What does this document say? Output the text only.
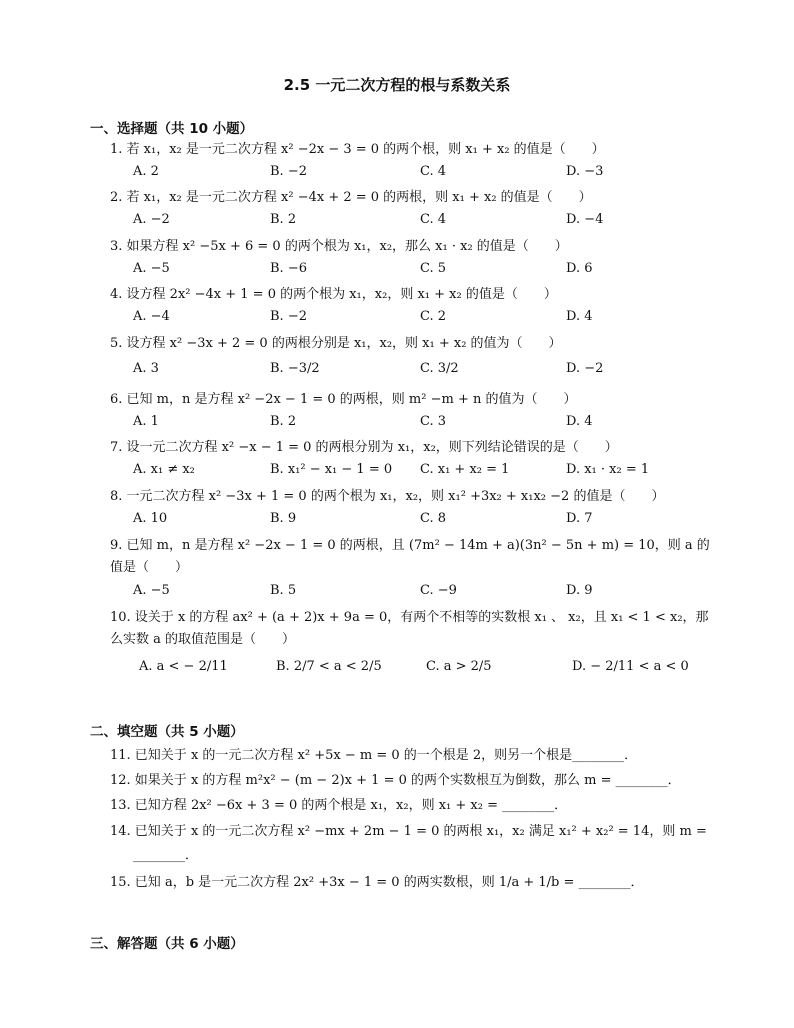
2.5 一元二次方程的根与系数关系
一、选择题（共 10 小题）
1. 若 x₁，x₂ 是一元二次方程 x² −2x − 3 = 0 的两个根，则 x₁ + x₂ 的值是（　　）
A. 2	B. −2	C. 4	D. −3
2. 若 x₁，x₂ 是一元二次方程 x² −4x + 2 = 0 的两根，则 x₁ + x₂ 的值是（　　）
A. −2	B. 2	C. 4	D. −4
3. 如果方程 x² −5x + 6 = 0 的两个根为 x₁，x₂，那么 x₁ · x₂ 的值是（　　）
A. −5	B. −6	C. 5	D. 6
4. 设方程 2x² −4x + 1 = 0 的两个根为 x₁，x₂，则 x₁ + x₂ 的值是（　　）
A. −4	B. −2	C. 2	D. 4
5. 设方程 x² −3x + 2 = 0 的两根分别是 x₁，x₂，则 x₁ + x₂ 的值为（　　）
A. 3	B. −3/2	C. 3/2	D. −2
6. 已知 m，n 是方程 x² −2x − 1 = 0 的两根，则 m² −m + n 的值为（　　）
A. 1	B. 2	C. 3	D. 4
7. 设一元二次方程 x² −x − 1 = 0 的两根分别为 x₁，x₂，则下列结论错误的是（　　）
A. x₁ ≠ x₂	B. x₁² − x₁ − 1 = 0 C. x₁ + x₂ = 1	D. x₁ · x₂ = 1
8. 一元二次方程 x² −3x + 1 = 0 的两个根为 x₁，x₂，则 x₁² +3x₂ + x₁x₂ −2 的值是（　　）
A. 10	B. 9	C. 8	D. 7
9. 已知 m，n 是方程 x² −2x − 1 = 0 的两根，且 (7m² − 14m + a)(3n² − 5n + m) = 10，则 a 的值是（　　）
A. −5	B. 5	C. −9	D. 9
10. 设关于 x 的方程 ax² + (a + 2)x + 9a = 0，有两个不相等的实数根 x₁ 、 x₂，且 x₁ < 1 < x₂，那么实数 a 的取值范围是（　　）
A. a < − 2/11	B. 2/7 < a < 2/5	C. a > 2/5	D. − 2/11 < a < 0
二、填空题（共 5 小题）
11. 已知关于 x 的一元二次方程 x² +5x − m = 0 的一个根是 2，则另一个根是________．
12. 如果关于 x 的方程 m²x² − (m − 2)x + 1 = 0 的两个实数根互为倒数，那么 m = ________．
13. 已知方程 2x² −6x + 3 = 0 的两个根是 x₁，x₂，则 x₁ + x₂ = ________．
14. 已知关于 x 的一元二次方程 x² −mx + 2m − 1 = 0 的两根 x₁，x₂ 满足 x₁² + x₂² = 14，则 m =
________．
15. 已知 a，b 是一元二次方程 2x² +3x − 1 = 0 的两实数根，则 1/a + 1/b = ________．
三、解答题（共 6 小题）
